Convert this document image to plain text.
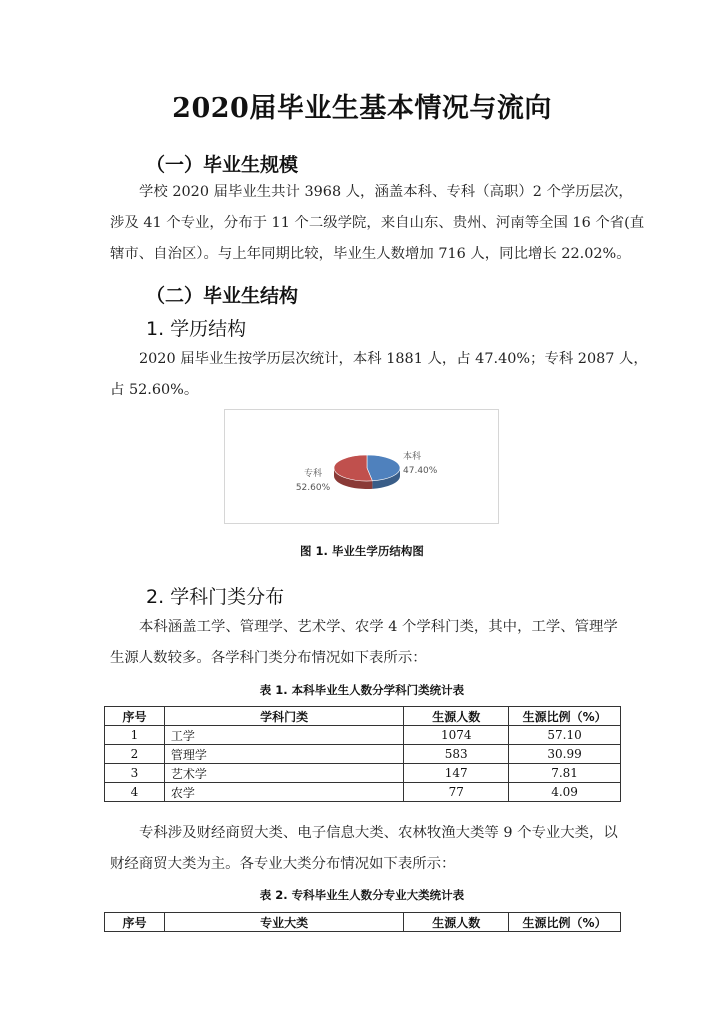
2020届毕业生基本情况与流向
（一）毕业生规模
学校 2020 届毕业生共计 3968 人，涵盖本科、专科（高职）2 个学历层次，
涉及 41 个专业，分布于 11 个二级学院，来自山东、贵州、河南等全国 16 个省(直
辖市、自治区）。与上年同期比较，毕业生人数增加 716 人，同比增长 22.02%。
（二）毕业生结构
1. 学历结构
2020 届毕业生按学历层次统计，本科 1881 人，占 47.40%；专科 2087 人，
占 52.60%。
本科
47.40%
专科
52.60%
图 1. 毕业生学历结构图
2. 学科门类分布
本科涵盖工学、管理学、艺术学、农学 4 个学科门类，其中，工学、管理学
生源人数较多。各学科门类分布情况如下表所示：
表 1. 本科毕业生人数分学科门类统计表
序号	学科门类	生源人数	生源比例（%）
1	工学	1074	57.10
2	管理学	583	30.99
3	艺术学	147	7.81
4	农学	77	4.09
专科涉及财经商贸大类、电子信息大类、农林牧渔大类等 9 个专业大类，以
财经商贸大类为主。各专业大类分布情况如下表所示：
表 2. 专科毕业生人数分专业大类统计表
序号	专业大类	生源人数	生源比例（%）
